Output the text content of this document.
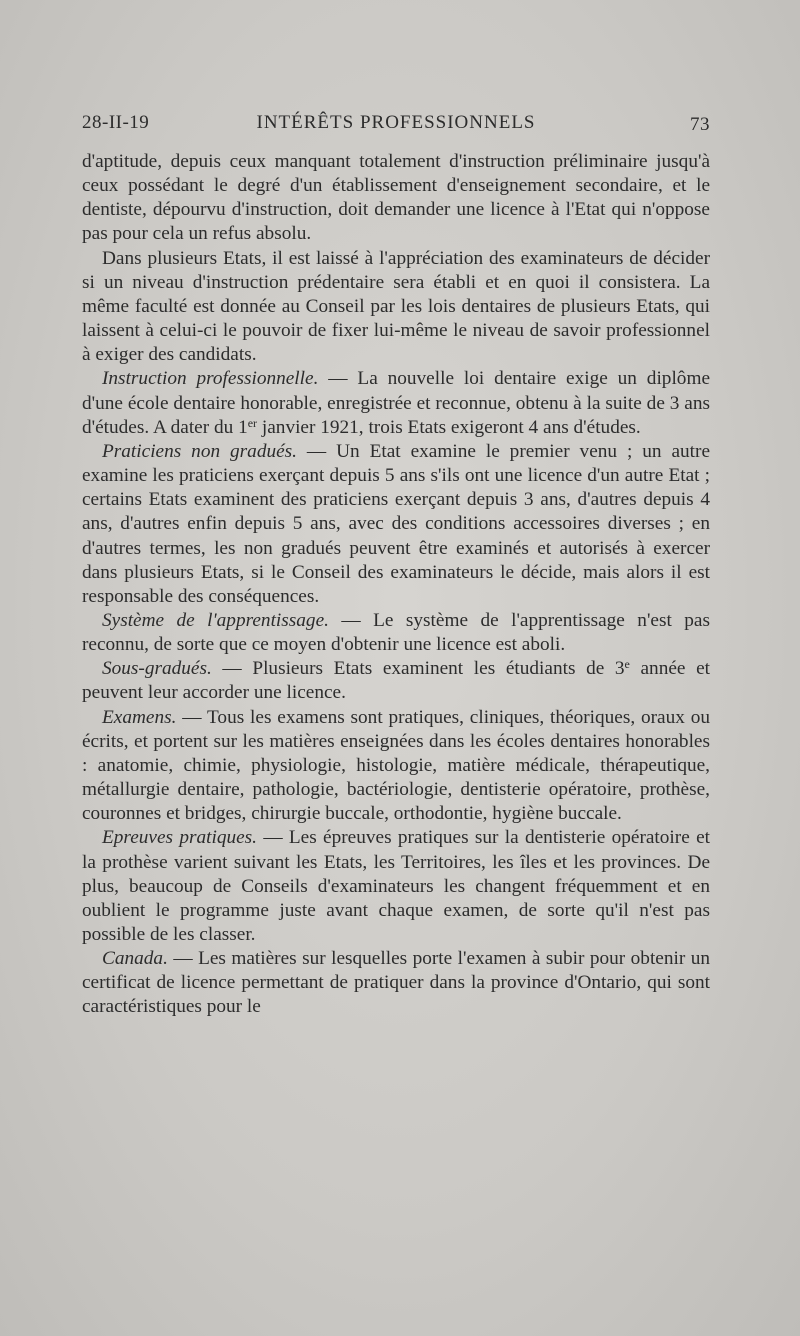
28-II-19	INTÉRÊTS PROFESSIONNELS	73

d'aptitude, depuis ceux manquant totalement d'instruction préliminaire jusqu'à ceux possédant le degré d'un établissement d'enseignement secondaire, et le dentiste, dépourvu d'instruction, doit demander une licence à l'Etat qui n'oppose pas pour cela un refus absolu.

Dans plusieurs Etats, il est laissé à l'appréciation des examinateurs de décider si un niveau d'instruction prédentaire sera établi et en quoi il consistera. La même faculté est donnée au Conseil par les lois dentaires de plusieurs Etats, qui laissent à celui-ci le pouvoir de fixer lui-même le niveau de savoir professionnel à exiger des candidats.

Instruction professionnelle. — La nouvelle loi dentaire exige un diplôme d'une école dentaire honorable, enregistrée et reconnue, obtenu à la suite de 3 ans d'études. A dater du 1er janvier 1921, trois Etats exigeront 4 ans d'études.

Praticiens non gradués. — Un Etat examine le premier venu ; un autre examine les praticiens exerçant depuis 5 ans s'ils ont une licence d'un autre Etat ; certains Etats examinent des praticiens exerçant depuis 3 ans, d'autres depuis 4 ans, d'autres enfin depuis 5 ans, avec des conditions accessoires diverses ; en d'autres termes, les non gradués peuvent être examinés et autorisés à exercer dans plusieurs Etats, si le Conseil des examinateurs le décide, mais alors il est responsable des conséquences.

Système de l'apprentissage. — Le système de l'apprentissage n'est pas reconnu, de sorte que ce moyen d'obtenir une licence est aboli.

Sous-gradués. — Plusieurs Etats examinent les étudiants de 3e année et peuvent leur accorder une licence.

Examens. — Tous les examens sont pratiques, cliniques, théoriques, oraux ou écrits, et portent sur les matières enseignées dans les écoles dentaires honorables : anatomie, chimie, physiologie, histologie, matière médicale, thérapeutique, métallurgie dentaire, pathologie, bactériologie, dentisterie opératoire, prothèse, couronnes et bridges, chirurgie buccale, orthodontie, hygiène buccale.

Epreuves pratiques. — Les épreuves pratiques sur la dentisterie opératoire et la prothèse varient suivant les Etats, les Territoires, les îles et les provinces. De plus, beaucoup de Conseils d'examinateurs les changent fréquemment et en oublient le programme juste avant chaque examen, de sorte qu'il n'est pas possible de les classer.

Canada. — Les matières sur lesquelles porte l'examen à subir pour obtenir un certificat de licence permettant de pratiquer dans la province d'Ontario, qui sont caractéristiques pour le
